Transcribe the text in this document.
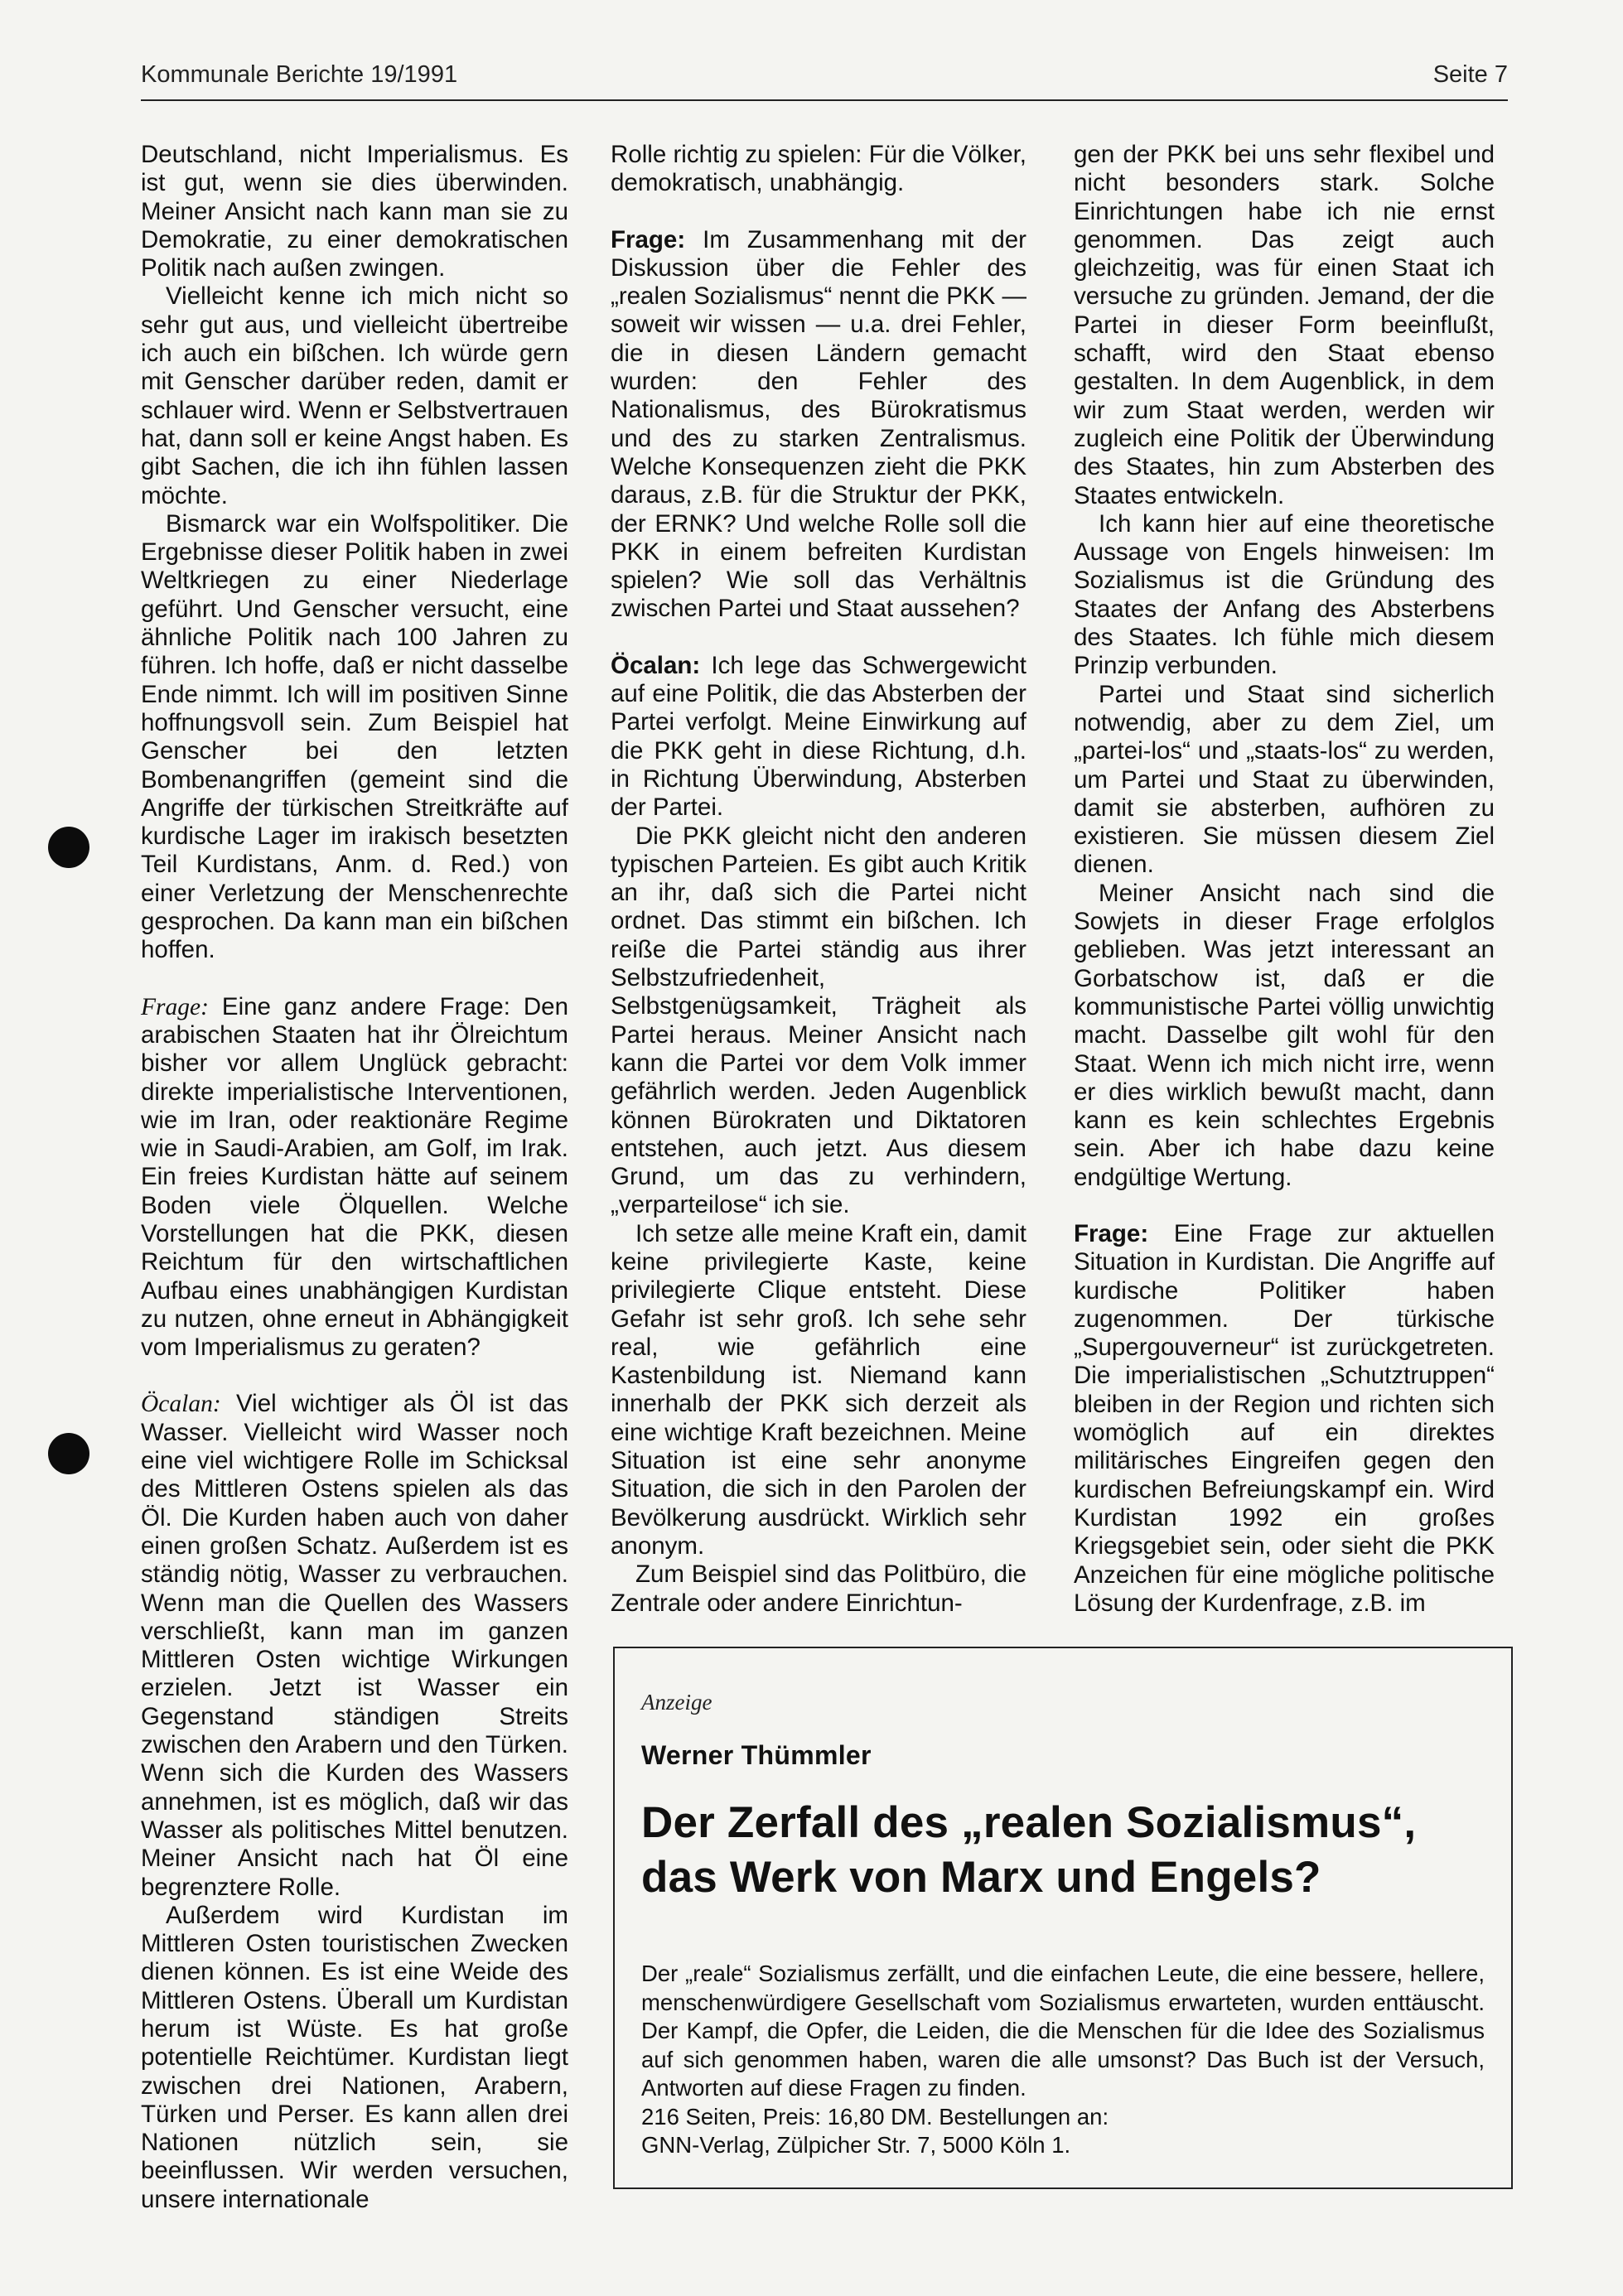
Kommunale Berichte 19/1991	Seite 7

Deutschland, nicht Imperialismus. Es ist gut, wenn sie dies überwinden. Meiner Ansicht nach kann man sie zu Demokratie, zu einer demokratischen Politik nach außen zwingen.

Vielleicht kenne ich mich nicht so sehr gut aus, und vielleicht übertreibe ich auch ein bißchen. Ich würde gern mit Genscher darüber reden, damit er schlauer wird. Wenn er Selbstvertrauen hat, dann soll er keine Angst haben. Es gibt Sachen, die ich ihn fühlen lassen möchte.

Bismarck war ein Wolfspolitiker. Die Ergebnisse dieser Politik haben in zwei Weltkriegen zu einer Niederlage geführt. Und Genscher versucht, eine ähnliche Politik nach 100 Jahren zu führen. Ich hoffe, daß er nicht dasselbe Ende nimmt. Ich will im positiven Sinne hoffnungsvoll sein. Zum Beispiel hat Genscher bei den letzten Bombenangriffen (gemeint sind die Angriffe der türkischen Streitkräfte auf kurdische Lager im irakisch besetzten Teil Kurdistans, Anm. d. Red.) von einer Verletzung der Menschenrechte gesprochen. Da kann man ein bißchen hoffen.

Frage: Eine ganz andere Frage: Den arabischen Staaten hat ihr Ölreichtum bisher vor allem Unglück gebracht: direkte imperialistische Interventionen, wie im Iran, oder reaktionäre Regime wie in Saudi-Arabien, am Golf, im Irak. Ein freies Kurdistan hätte auf seinem Boden viele Ölquellen. Welche Vorstellungen hat die PKK, diesen Reichtum für den wirtschaftlichen Aufbau eines unabhängigen Kurdistan zu nutzen, ohne erneut in Abhängigkeit vom Imperialismus zu geraten?

Öcalan: Viel wichtiger als Öl ist das Wasser. Vielleicht wird Wasser noch eine viel wichtigere Rolle im Schicksal des Mittleren Ostens spielen als das Öl. Die Kurden haben auch von daher einen großen Schatz. Außerdem ist es ständig nötig, Wasser zu verbrauchen. Wenn man die Quellen des Wassers verschließt, kann man im ganzen Mittleren Osten wichtige Wirkungen erzielen. Jetzt ist Wasser ein Gegenstand ständigen Streits zwischen den Arabern und den Türken. Wenn sich die Kurden des Wassers annehmen, ist es möglich, daß wir das Wasser als politisches Mittel benutzen. Meiner Ansicht nach hat Öl eine begrenztere Rolle.

Außerdem wird Kurdistan im Mittleren Osten touristischen Zwecken dienen können. Es ist eine Weide des Mittleren Ostens. Überall um Kurdistan herum ist Wüste. Es hat große potentielle Reichtümer. Kurdistan liegt zwischen drei Nationen, Arabern, Türken und Perser. Es kann allen drei Nationen nützlich sein, sie beeinflussen. Wir werden versuchen, unsere internationale

Rolle richtig zu spielen: Für die Völker, demokratisch, unabhängig.

Frage: Im Zusammenhang mit der Diskussion über die Fehler des „realen Sozialismus“ nennt die PKK — soweit wir wissen — u.a. drei Fehler, die in diesen Ländern gemacht wurden: den Fehler des Nationalismus, des Bürokratismus und des zu starken Zentralismus. Welche Konsequenzen zieht die PKK daraus, z.B. für die Struktur der PKK, der ERNK? Und welche Rolle soll die PKK in einem befreiten Kurdistan spielen? Wie soll das Verhältnis zwischen Partei und Staat aussehen?

Öcalan: Ich lege das Schwergewicht auf eine Politik, die das Absterben der Partei verfolgt. Meine Einwirkung auf die PKK geht in diese Richtung, d.h. in Richtung Überwindung, Absterben der Partei.

Die PKK gleicht nicht den anderen typischen Parteien. Es gibt auch Kritik an ihr, daß sich die Partei nicht ordnet. Das stimmt ein bißchen. Ich reiße die Partei ständig aus ihrer Selbstzufriedenheit, Selbstgenügsamkeit, Trägheit als Partei heraus. Meiner Ansicht nach kann die Partei vor dem Volk immer gefährlich werden. Jeden Augenblick können Bürokraten und Diktatoren entstehen, auch jetzt. Aus diesem Grund, um das zu verhindern, „verparteilose“ ich sie.

Ich setze alle meine Kraft ein, damit keine privilegierte Kaste, keine privilegierte Clique entsteht. Diese Gefahr ist sehr groß. Ich sehe sehr real, wie gefährlich eine Kastenbildung ist. Niemand kann innerhalb der PKK sich derzeit als eine wichtige Kraft bezeichnen. Meine Situation ist eine sehr anonyme Situation, die sich in den Parolen der Bevölkerung ausdrückt. Wirklich sehr anonym.

Zum Beispiel sind das Politbüro, die Zentrale oder andere Einrichtun-

gen der PKK bei uns sehr flexibel und nicht besonders stark. Solche Einrichtungen habe ich nie ernst genommen. Das zeigt auch gleichzeitig, was für einen Staat ich versuche zu gründen. Jemand, der die Partei in dieser Form beeinflußt, schafft, wird den Staat ebenso gestalten. In dem Augenblick, in dem wir zum Staat werden, werden wir zugleich eine Politik der Überwindung des Staates, hin zum Absterben des Staates entwickeln.

Ich kann hier auf eine theoretische Aussage von Engels hinweisen: Im Sozialismus ist die Gründung des Staates der Anfang des Absterbens des Staates. Ich fühle mich diesem Prinzip verbunden.

Partei und Staat sind sicherlich notwendig, aber zu dem Ziel, um „partei-los“ und „staats-los“ zu werden, um Partei und Staat zu überwinden, damit sie absterben, aufhören zu existieren. Sie müssen diesem Ziel dienen.

Meiner Ansicht nach sind die Sowjets in dieser Frage erfolglos geblieben. Was jetzt interessant an Gorbatschow ist, daß er die kommunistische Partei völlig unwichtig macht. Dasselbe gilt wohl für den Staat. Wenn ich mich nicht irre, wenn er dies wirklich bewußt macht, dann kann es kein schlechtes Ergebnis sein. Aber ich habe dazu keine endgültige Wertung.

Frage: Eine Frage zur aktuellen Situation in Kurdistan. Die Angriffe auf kurdische Politiker haben zugenommen. Der türkische „Supergouverneur“ ist zurückgetreten. Die imperialistischen „Schutztruppen“ bleiben in der Region und richten sich womöglich auf ein direktes militärisches Eingreifen gegen den kurdischen Befreiungskampf ein. Wird Kurdistan 1992 ein großes Kriegsgebiet sein, oder sieht die PKK Anzeichen für eine mögliche politische Lösung der Kurdenfrage, z.B. im

Anzeige
Werner Thümmler
Der Zerfall des „realen Sozialismus“,
das Werk von Marx und Engels?

Der „reale“ Sozialismus zerfällt, und die einfachen Leute, die eine bessere, hellere, menschenwürdigere Gesellschaft vom Sozialismus erwarteten, wurden enttäuscht. Der Kampf, die Opfer, die Leiden, die die Menschen für die Idee des Sozialismus auf sich genommen haben, waren die alle umsonst? Das Buch ist der Versuch, Antworten auf diese Fragen zu finden.

216 Seiten, Preis: 16,80 DM. Bestellungen an:

GNN-Verlag, Zülpicher Str. 7, 5000 Köln 1.
